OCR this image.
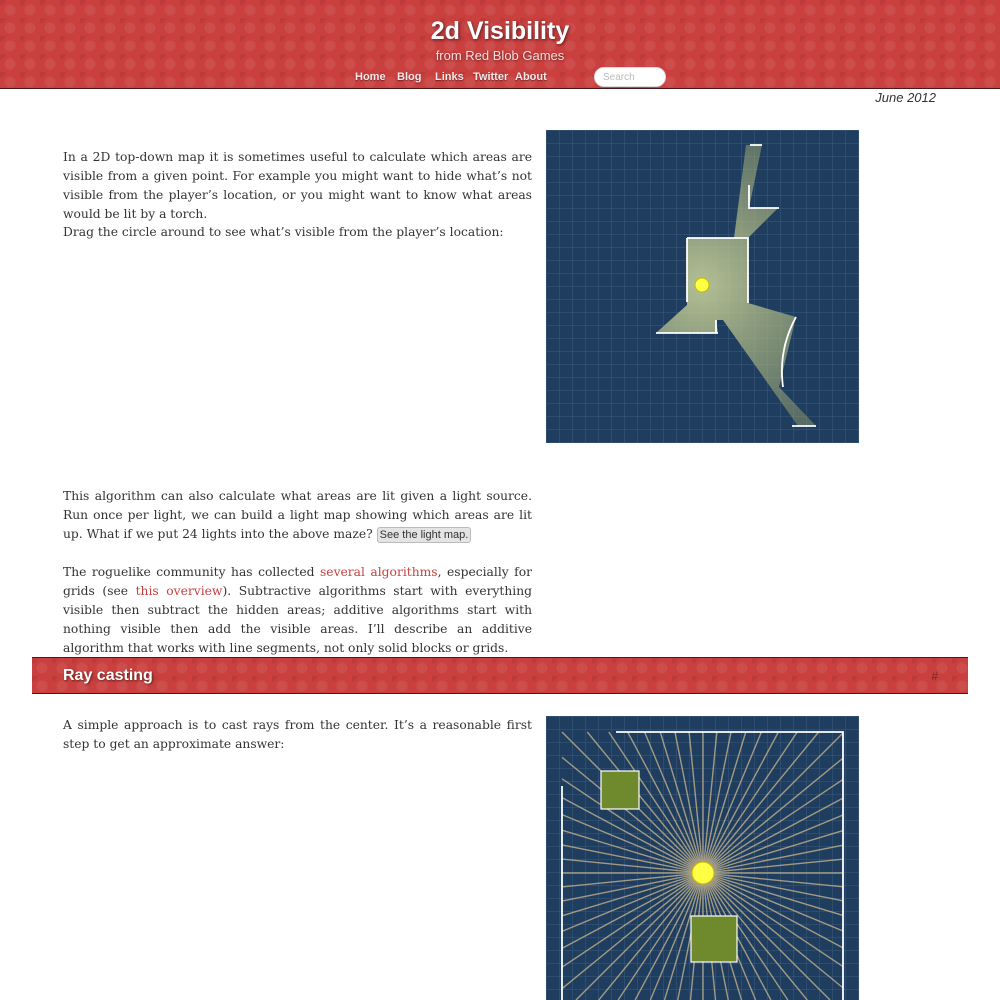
2d Visibility
from Red Blob Games
Home Blog Links Twitter About
Search
June 2012

In a 2D top-down map it is sometimes useful to calculate which areas are visible from a given point. For example you might want to hide what’s not visible from the player’s location, or you might want to know what areas would be lit by a torch.

Drag the circle around to see what’s visible from the player’s location:

This algorithm can also calculate what areas are lit given a light source. Run once per light, we can build a light map showing which areas are lit up. What if we put 24 lights into the above maze? See the light map.

The roguelike community has collected several algorithms, especially for grids (see this overview). Subtractive algorithms start with everything visible then subtract the hidden areas; additive algorithms start with nothing visible then add the visible areas. I’ll describe an additive algorithm that works with line segments, not only solid blocks or grids.

Ray casting	#

A simple approach is to cast rays from the center. It’s a reasonable first step to get an approximate answer:
